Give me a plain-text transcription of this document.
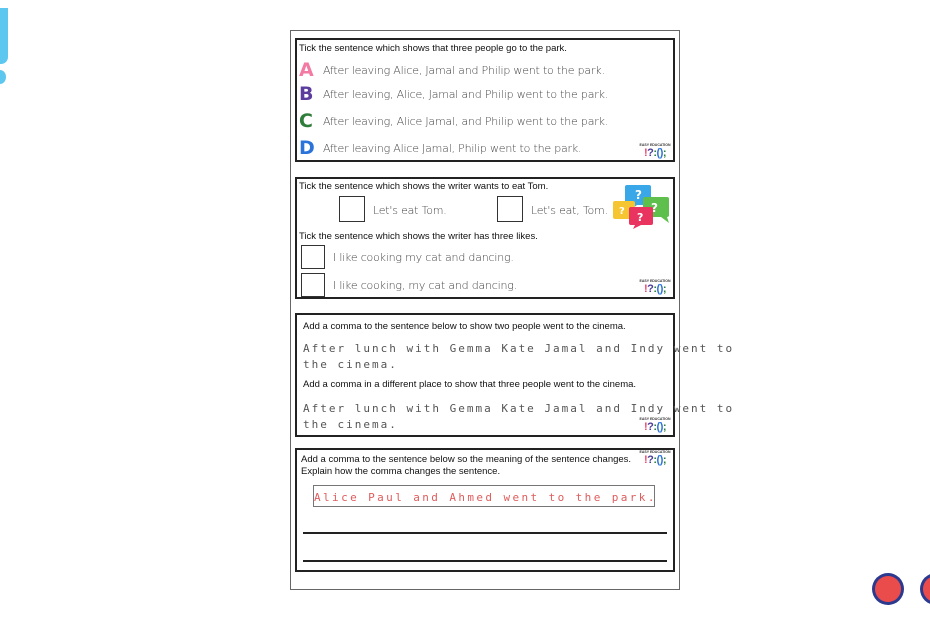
Tick the sentence which shows that three people go to the park.
A After leaving Alice, Jamal and Philip went to the park.
B After leaving, Alice, Jamal and Philip went to the park.
C After leaving, Alice Jamal, and Philip went to the park.
D After leaving Alice Jamal, Philip went to the park.	EASY EDUCATION
!?:();
Tick the sentence which shows the writer wants to eat Tom.
Let's eat Tom.	Let's eat, Tom.
?
?
?
?
Tick the sentence which shows the writer has three likes.
I like cooking my cat and dancing.
I like cooking, my cat and dancing.	EASY EDUCATION
!?:();
Add a comma to the sentence below to show two people went to the cinema.
After lunch with Gemma Kate Jamal and Indy went to
the cinema.
Add a comma in a different place to show that three people went to the cinema.
After lunch with Gemma Kate Jamal and Indy went to
the cinema.	EASY EDUCATION
!?:();
Add a comma to the sentence below so the meaning of the sentence changes.
Explain how the comma changes the sentence.
Alice Paul and Ahmed went to the park.
EASY EDUCATION
!?:();
